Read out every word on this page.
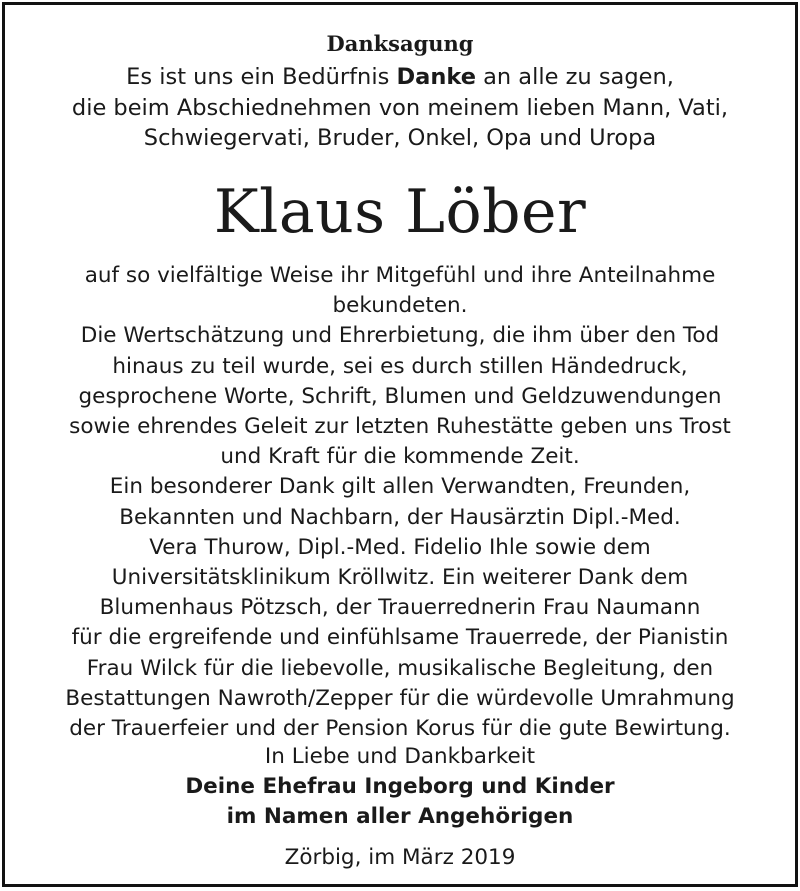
Danksagung

Es ist uns ein Bedürfnis Danke an alle zu sagen,
die beim Abschiednehmen von meinem lieben Mann, Vati,
Schwiegervati, Bruder, Onkel, Opa und Uropa

Klaus Löber

auf so vielfältige Weise ihr Mitgefühl und ihre Anteilnahme
bekundeten.
Die Wertschätzung und Ehrerbietung, die ihm über den Tod
hinaus zu teil wurde, sei es durch stillen Händedruck,
gesprochene Worte, Schrift, Blumen und Geldzuwendungen
sowie ehrendes Geleit zur letzten Ruhestätte geben uns Trost
und Kraft für die kommende Zeit.
Ein besonderer Dank gilt allen Verwandten, Freunden,
Bekannten und Nachbarn, der Hausärztin Dipl.-Med.
Vera Thurow, Dipl.-Med. Fidelio Ihle sowie dem
Universitätsklinikum Kröllwitz. Ein weiterer Dank dem
Blumenhaus Pötzsch, der Trauerrednerin Frau Naumann
für die ergreifende und einfühlsame Trauerrede, der Pianistin
Frau Wilck für die liebevolle, musikalische Begleitung, den
Bestattungen Nawroth/Zepper für die würdevolle Umrahmung
der Trauerfeier und der Pension Korus für die gute Bewirtung.

In Liebe und Dankbarkeit
Deine Ehefrau Ingeborg und Kinder
im Namen aller Angehörigen

Zörbig, im März 2019
